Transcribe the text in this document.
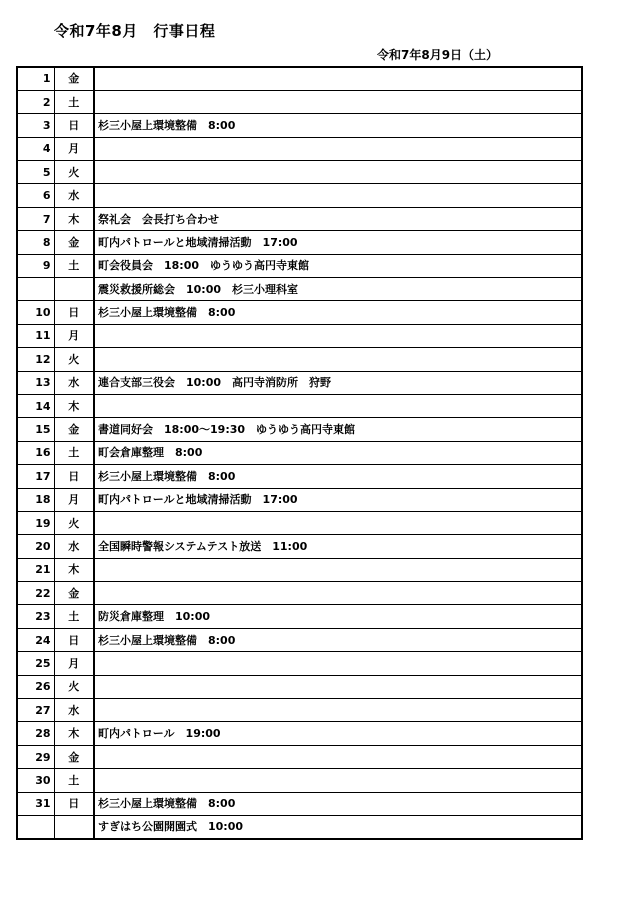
令和7年8月　行事日程
令和7年8月9日（土）
1	金	
2	土	
3	日	杉三小屋上環境整備　8:00
4	月	
5	火	
6	水	
7	木	祭礼会　会長打ち合わせ
8	金	町内パトロールと地域清掃活動　17:00
9	土	町会役員会　18:00　ゆうゆう高円寺東館
		震災救援所総会　10:00　杉三小理科室
10	日	杉三小屋上環境整備　8:00
11	月	
12	火	
13	水	連合支部三役会　10:00　高円寺消防所　狩野
14	木	
15	金	書道同好会　18:00～19:30　ゆうゆう高円寺東館
16	土	町会倉庫整理　8:00
17	日	杉三小屋上環境整備　8:00
18	月	町内パトロールと地域清掃活動　17:00
19	火	
20	水	全国瞬時警報システムテスト放送　11:00
21	木	
22	金	
23	土	防災倉庫整理　10:00
24	日	杉三小屋上環境整備　8:00
25	月	
26	火	
27	水	
28	木	町内パトロール　19:00
29	金	
30	土	
31	日	杉三小屋上環境整備　8:00
		すぎはち公園開園式　10:00
